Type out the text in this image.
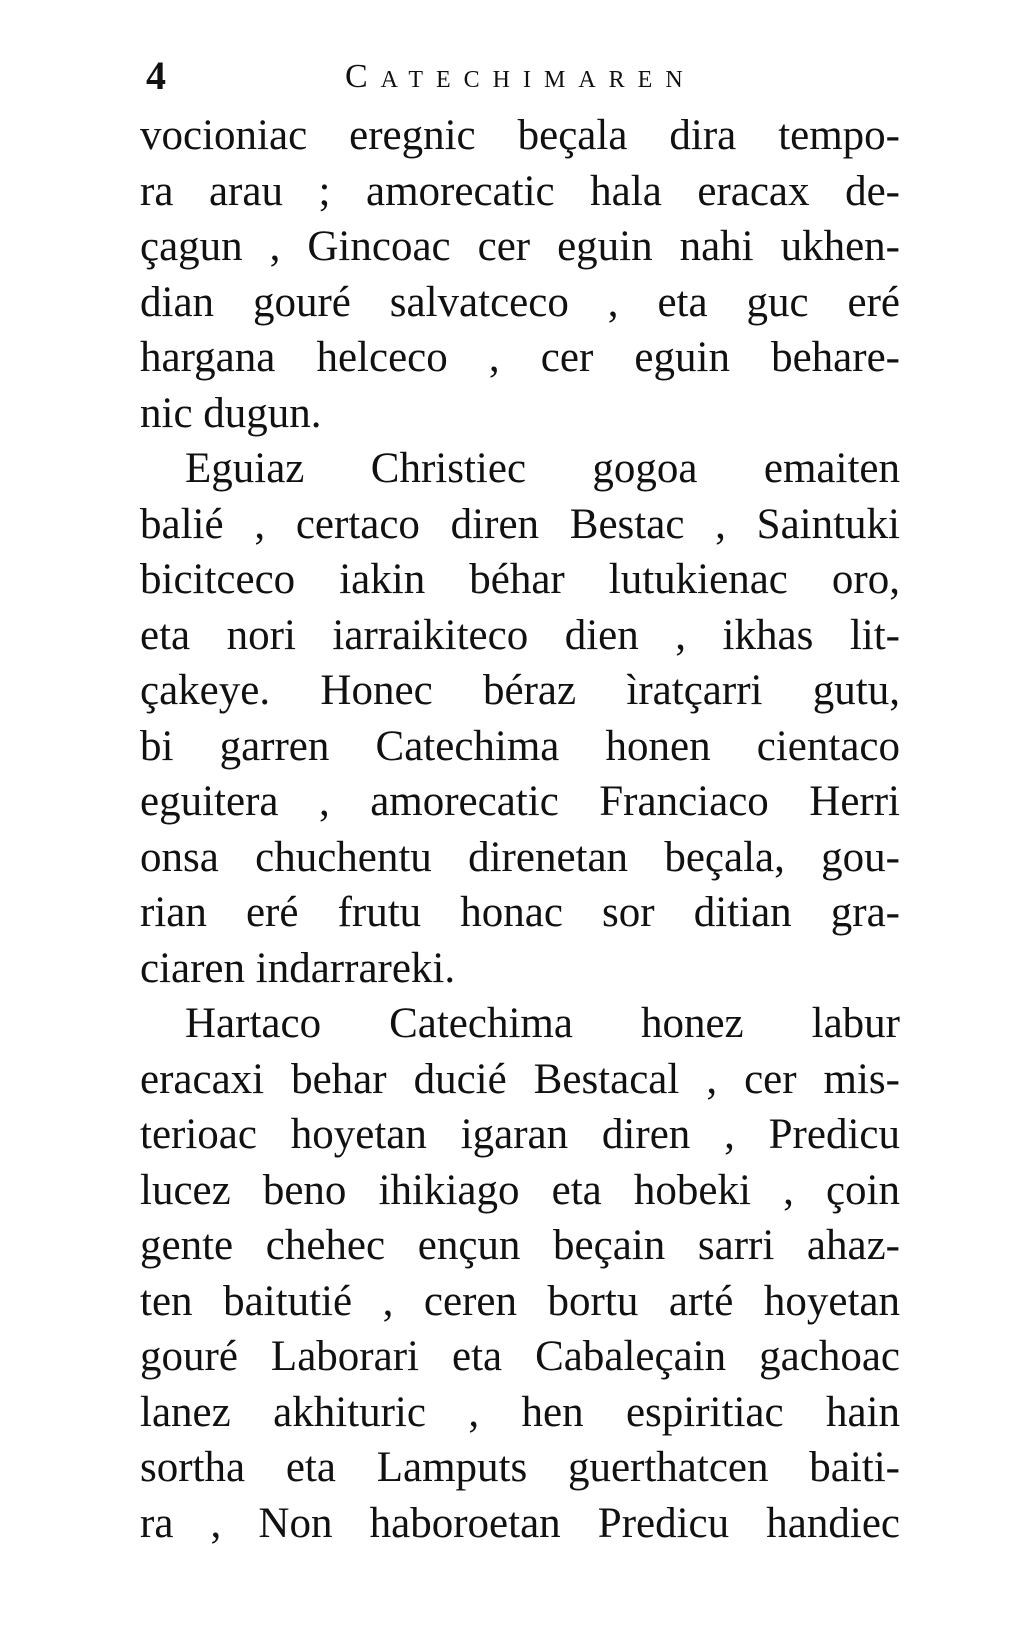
4	Catechimaren
vocioniac eregnic beçala dira tempo-
ra arau ; amorecatic hala eracax de-
çagun , Gincoac cer eguin nahi ukhen-
dian gouré salvatceco , eta guc eré
hargana helceco , cer eguin behare-
nic dugun.
Eguiaz Christiec gogoa emaiten
balié , certaco diren Bestac , Saintuki
bicitceco iakin béhar lutukienac oro,
eta nori iarraikiteco dien , ikhas lit-
çakeye. Honec béraz ìratçarri gutu,
bi garren Catechima honen cientaco
eguitera , amorecatic Franciaco Herri
onsa chuchentu direnetan beçala, gou-
rian eré frutu honac sor ditian gra-
ciaren indarrareki.
Hartaco Catechima honez labur
eracaxi behar ducié Bestacal , cer mis-
terioac hoyetan igaran diren , Predicu
lucez beno ihikiago eta hobeki , çoin
gente chehec ençun beçain sarri ahaz-
ten baitutié , ceren bortu arté hoyetan
gouré Laborari eta Cabaleçain gachoac
lanez akhituric , hen espiritiac hain
sortha eta Lamputs guerthatcen baiti-
ra , Non haboroetan Predicu handiec
